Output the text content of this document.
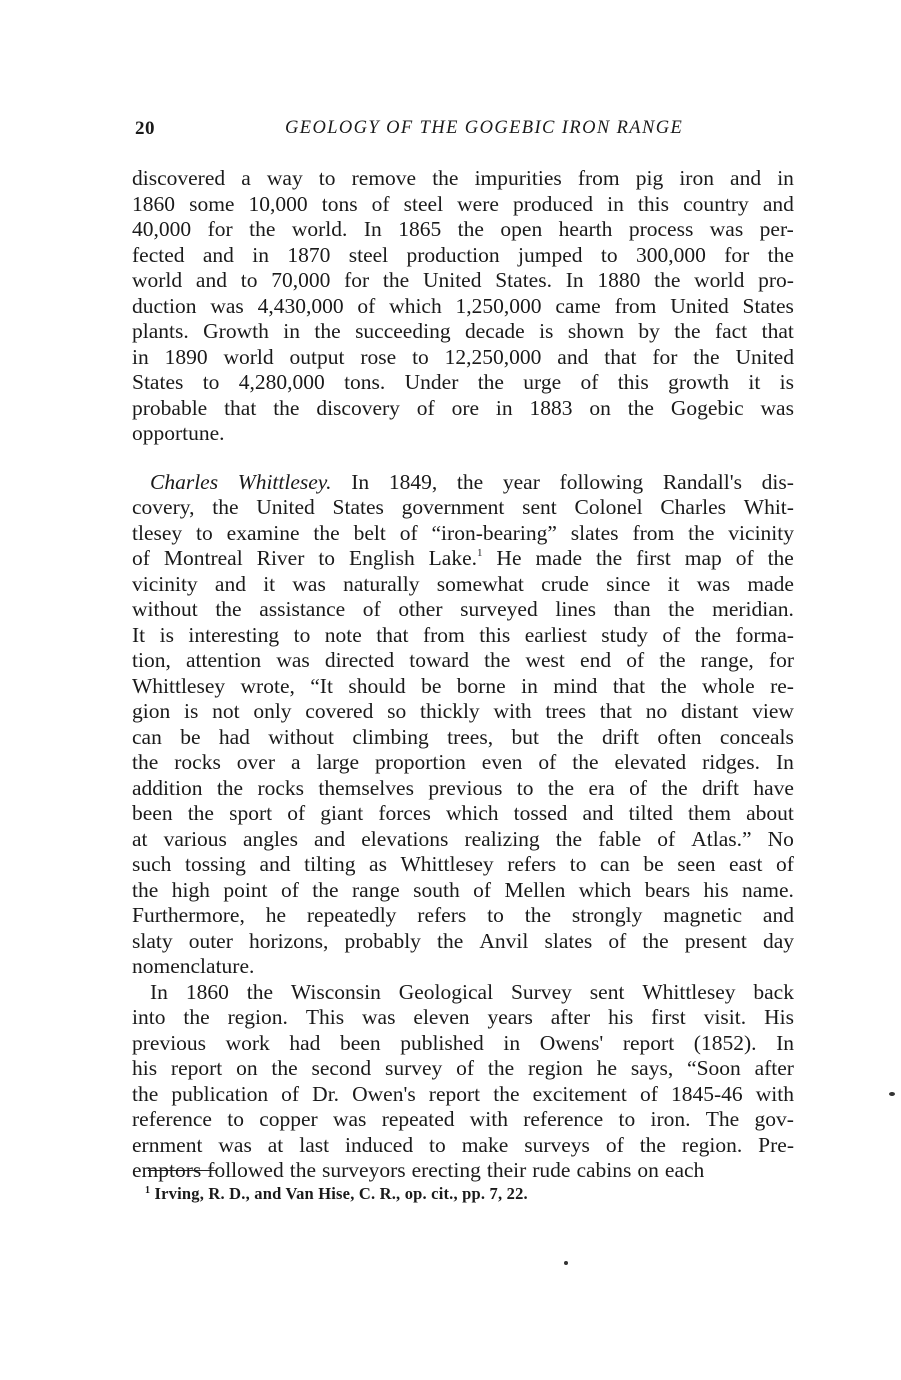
20	GEOLOGY OF THE GOGEBIC IRON RANGE
discovered a way to remove the impurities from pig iron and in
1860 some 10,000 tons of steel were produced in this country and
40,000 for the world. In 1865 the open hearth process was per-
fected and in 1870 steel production jumped to 300,000 for the
world and to 70,000 for the United States. In 1880 the world pro-
duction was 4,430,000 of which 1,250,000 came from United States
plants. Growth in the succeeding decade is shown by the fact that
in 1890 world output rose to 12,250,000 and that for the United
States to 4,280,000 tons. Under the urge of this growth it is
probable that the discovery of ore in 1883 on the Gogebic was
opportune.
Charles Whittlesey. In 1849, the year following Randall's dis-
covery, the United States government sent Colonel Charles Whit-
tlesey to examine the belt of “iron-bearing” slates from the vicinity
of Montreal River to English Lake.$^1$ He made the first map of the
vicinity and it was naturally somewhat crude since it was made
without the assistance of other surveyed lines than the meridian.
It is interesting to note that from this earliest study of the forma-
tion, attention was directed toward the west end of the range, for
Whittlesey wrote, “It should be borne in mind that the whole re-
gion is not only covered so thickly with trees that no distant view
can be had without climbing trees, but the drift often conceals
the rocks over a large proportion even of the elevated ridges. In
addition the rocks themselves previous to the era of the drift have
been the sport of giant forces which tossed and tilted them about
at various angles and elevations realizing the fable of Atlas.” No
such tossing and tilting as Whittlesey refers to can be seen east of
the high point of the range south of Mellen which bears his name.
Furthermore, he repeatedly refers to the strongly magnetic and
slaty outer horizons, probably the Anvil slates of the present day
nomenclature.
In 1860 the Wisconsin Geological Survey sent Whittlesey back
into the region. This was eleven years after his first visit. His
previous work had been published in Owens' report (1852). In
his report on the second survey of the region he says, “Soon after
the publication of Dr. Owen's report the excitement of 1845-46 with
reference to copper was repeated with reference to iron. The gov-
ernment was at last induced to make surveys of the region. Pre-
emptors followed the surveyors erecting their rude cabins on each
$^1$ Irving, R. D., and Van Hise, C. R., op. cit., pp. 7, 22.
